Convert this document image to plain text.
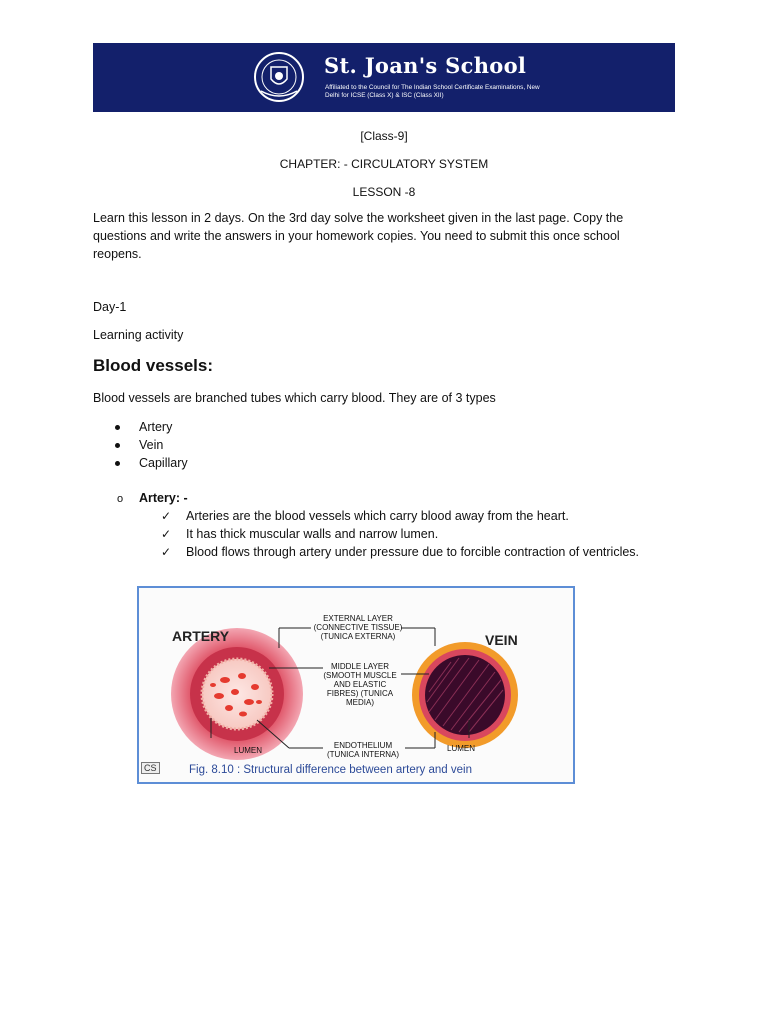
St. Joan's School
Affiliated to the Council for The Indian School Certificate Examinations, New Delhi for ICSE (Class X) & ISC (Class XII)
[Class-9]
CHAPTER: - CIRCULATORY SYSTEM
LESSON -8
Learn this lesson in 2 days. On the 3rd day solve the worksheet given in the last page. Copy the questions and write the answers in your homework copies. You need to submit this once school reopens.
Day-1
Learning activity
Blood vessels:
Blood vessels are branched tubes which carry blood. They are of 3 types
Artery
Vein
Capillary
o Artery: -
✓ Arteries are the blood vessels which carry blood away from the heart.
✓ It has thick muscular walls and narrow lumen.
✓ Blood flows through artery under pressure due to forcible contraction of ventricles.
ARTERY	VEIN
EXTERNAL LAYER (CONNECTIVE TISSUE) (TUNICA EXTERNA)
MIDDLE LAYER (SMOOTH MUSCLE AND ELASTIC FIBRES) (TUNICA MEDIA)
ENDOTHELIUM (TUNICA INTERNA)
LUMEN	LUMEN
CS	Fig. 8.10 : Structural difference between artery and vein
